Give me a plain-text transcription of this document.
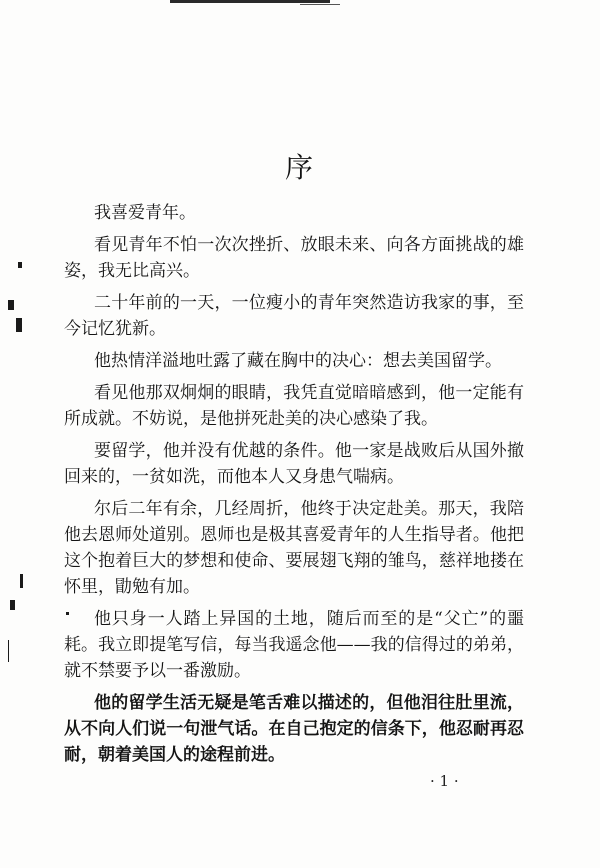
序

我喜爱青年。

看见青年不怕一次次挫折、放眼未来、向各方面挑战的雄姿，我无比高兴。

二十年前的一天，一位瘦小的青年突然造访我家的事，至今记忆犹新。

他热情洋溢地吐露了藏在胸中的决心：想去美国留学。

看见他那双炯炯的眼睛，我凭直觉暗暗感到，他一定能有所成就。不妨说，是他拼死赴美的决心感染了我。

要留学，他并没有优越的条件。他一家是战败后从国外撤回来的，一贫如洗，而他本人又身患气喘病。

尔后二年有余，几经周折，他终于决定赴美。那天，我陪他去恩师处道别。恩师也是极其喜爱青年的人生指导者。他把这个抱着巨大的梦想和使命、要展翅飞翔的雏鸟，慈祥地搂在怀里，勖勉有加。

他只身一人踏上异国的土地，随后而至的是“父亡”的噩耗。我立即提笔写信，每当我遥念他——我的信得过的弟弟，就不禁要予以一番激励。

他的留学生活无疑是笔舌难以描述的，但他泪往肚里流，从不向人们说一句泄气话。在自己抱定的信条下，他忍耐再忍耐，朝着美国人的途程前进。

· 1 ·
